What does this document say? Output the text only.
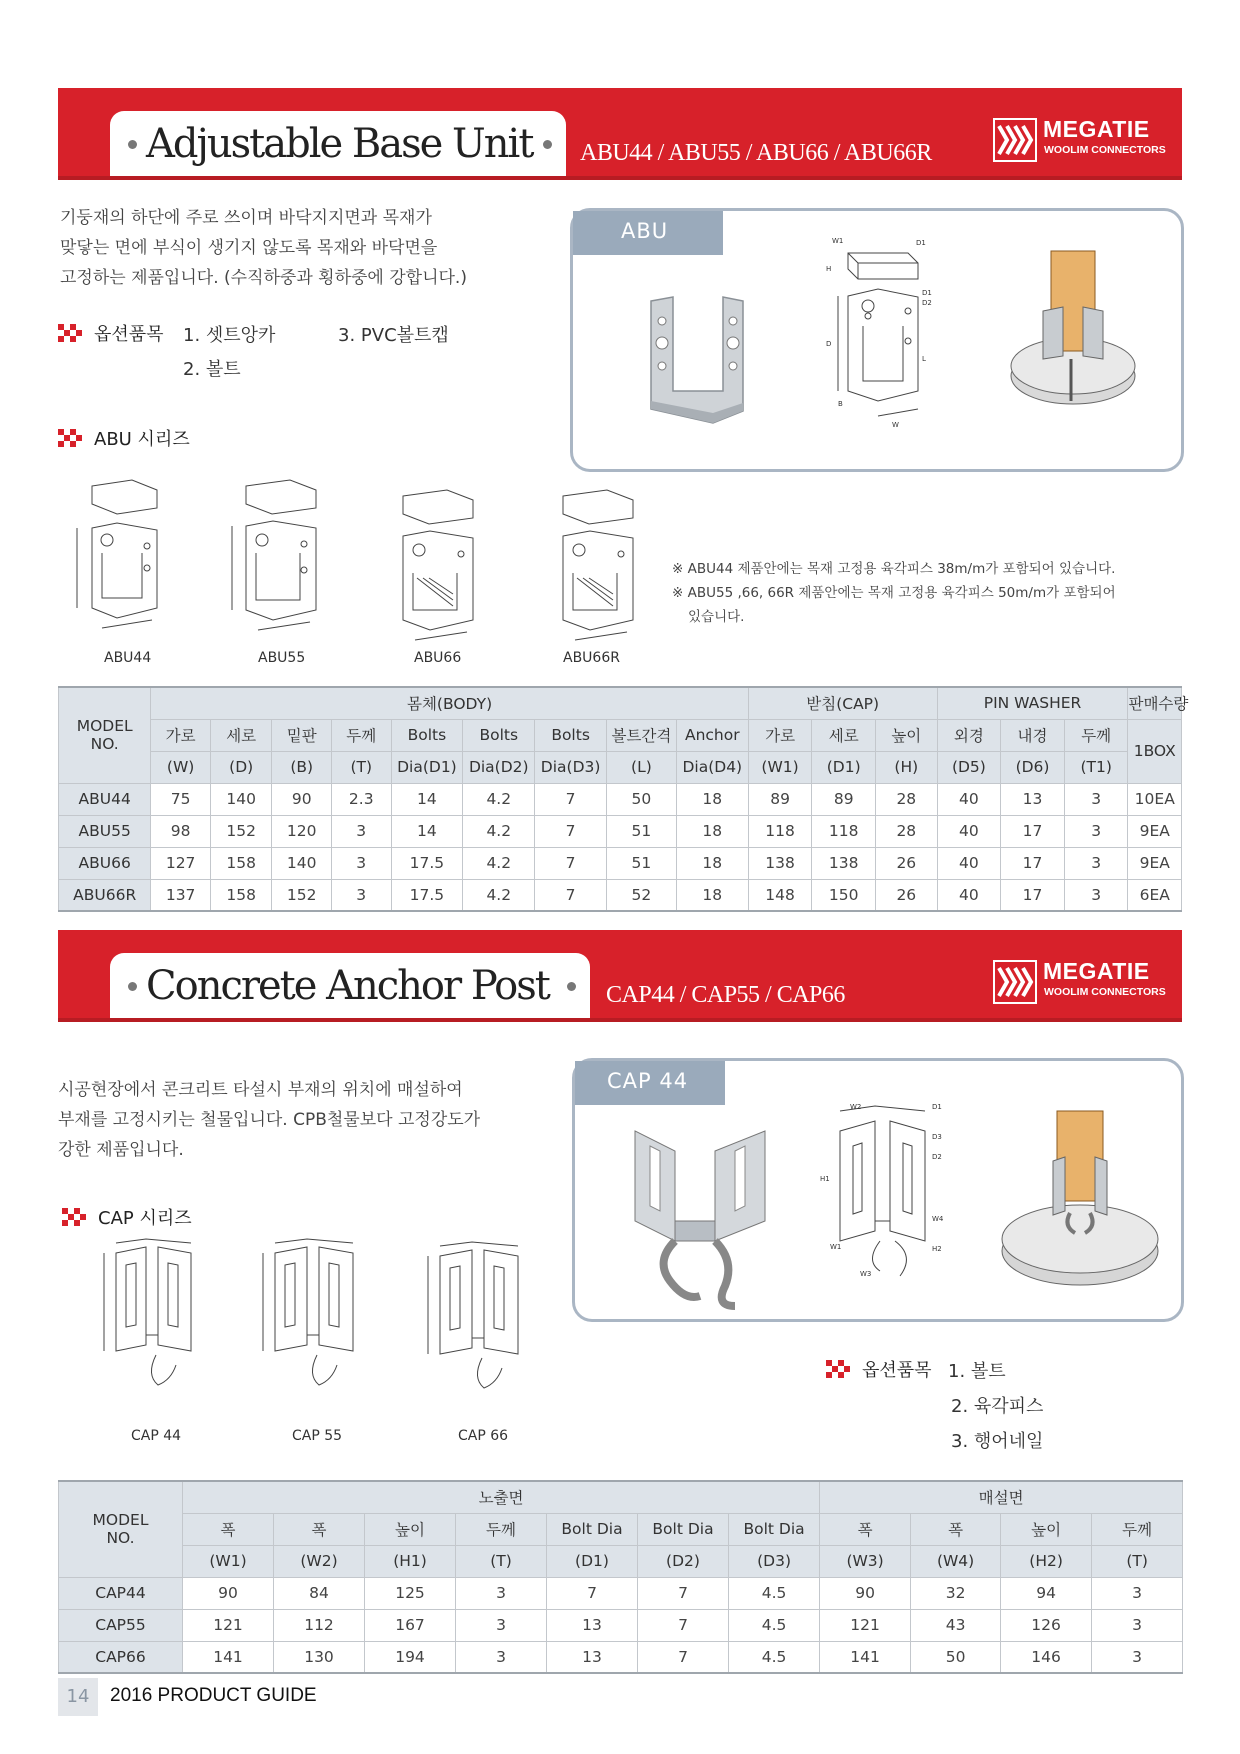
Adjustable Base Unit ABU44 / ABU55 / ABU66 / ABU66R
MEGATIE
WOOLIM CONNECTORS
기둥재의 하단에 주로 쓰이며 바닥지지면과 목재가
맞닿는 면에 부식이 생기지 않도록 목재와 바닥면을
고정하는 제품입니다. (수직하중과 횡하중에 강합니다.)
옵션품목 1. 셋트앙카	3. PVC볼트캡
2. 볼트
ABU 시리즈
ABU	W1	D1
H
D1
D2
D
L
B
W
ABU44	ABU55	ABU66	ABU66R
※ ABU44 제품안에는 목재 고정용 육각피스 38m/m가 포함되어 있습니다.
※ ABU55 ,66, 66R 제품안에는 목재 고정용 육각피스 50m/m가 포함되어
있습니다.
MODEL
NO.	몸체(BODY)									받침(CAP)			PIN WASHER			판매수량
	가로	세로	밑판	두께	Bolts	Bolts	Bolts	볼트간격	Anchor	가로	세로	높이	외경	내경	두께	1BOX
	(W)	(D)	(B)	(T)	Dia(D1)	Dia(D2)	Dia(D3)	(L)	Dia(D4)	(W1)	(D1)	(H)	(D5)	(D6)	(T1)	
ABU44	75	140	90	2.3	14	4.2	7	50	18	89	89	28	40	13	3	10EA
ABU55	98	152	120	3	14	4.2	7	51	18	118	118	28	40	17	3	9EA
ABU66	127	158	140	3	17.5	4.2	7	51	18	138	138	26	40	17	3	9EA
ABU66R	137	158	152	3	17.5	4.2	7	52	18	148	150	26	40	17	3	6EA
Concrete Anchor Post CAP44 / CAP55 / CAP66
MEGATIE
WOOLIM CONNECTORS
시공현장에서 콘크리트 타설시 부재의 위치에 매설하여
부재를 고정시키는 철물입니다. CPB철물보다 고정강도가
강한 제품입니다.
CAP 시리즈
CAP 44
W2	D1
D3
D2
H1
W1
W4
H2
W3
CAP 44	CAP 55	CAP 66
옵션품목 1. 볼트
2. 육각피스
3. 행어네일
MODEL
NO.	노출면							매설면			
	폭	폭	높이	두께	Bolt Dia	Bolt Dia	Bolt Dia	폭	폭	높이	두께
	(W1)	(W2)	(H1)	(T)	(D1)	(D2)	(D3)	(W3)	(W4)	(H2)	(T)
CAP44	90	84	125	3	7	7	4.5	90	32	94	3
CAP55	121	112	167	3	13	7	4.5	121	43	126	3
CAP66	141	130	194	3	13	7	4.5	141	50	146	3
14	2016 PRODUCT GUIDE
